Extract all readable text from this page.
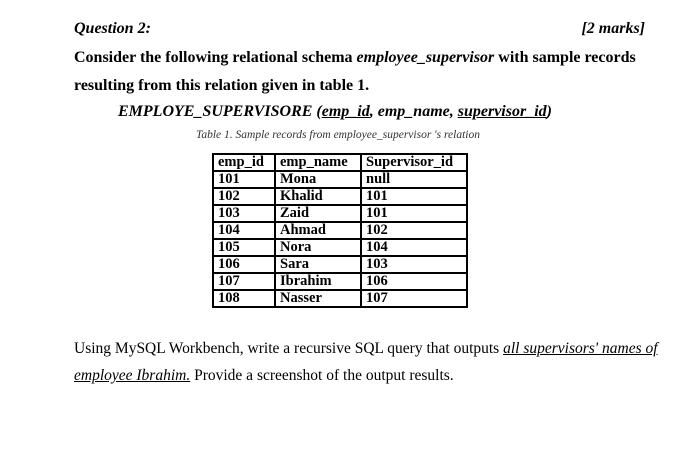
Question 2:	[2 marks]
Consider the following relational schema employee_supervisor with sample records
resulting from this relation given in table 1.
EMPLOYE_SUPERVISORE (emp_id, emp_name, supervisor_id)
Table 1. Sample records from employee_supervisor 's relation
emp_id	emp_name	Supervisor_id
101	Mona	null
102	Khalid	101
103	Zaid	101
104	Ahmad	102
105	Nora	104
106	Sara	103
107	Ibrahim	106
108	Nasser	107
Using MySQL Workbench, write a recursive SQL query that outputs all supervisors' names of
employee Ibrahim. Provide a screenshot of the output results.
